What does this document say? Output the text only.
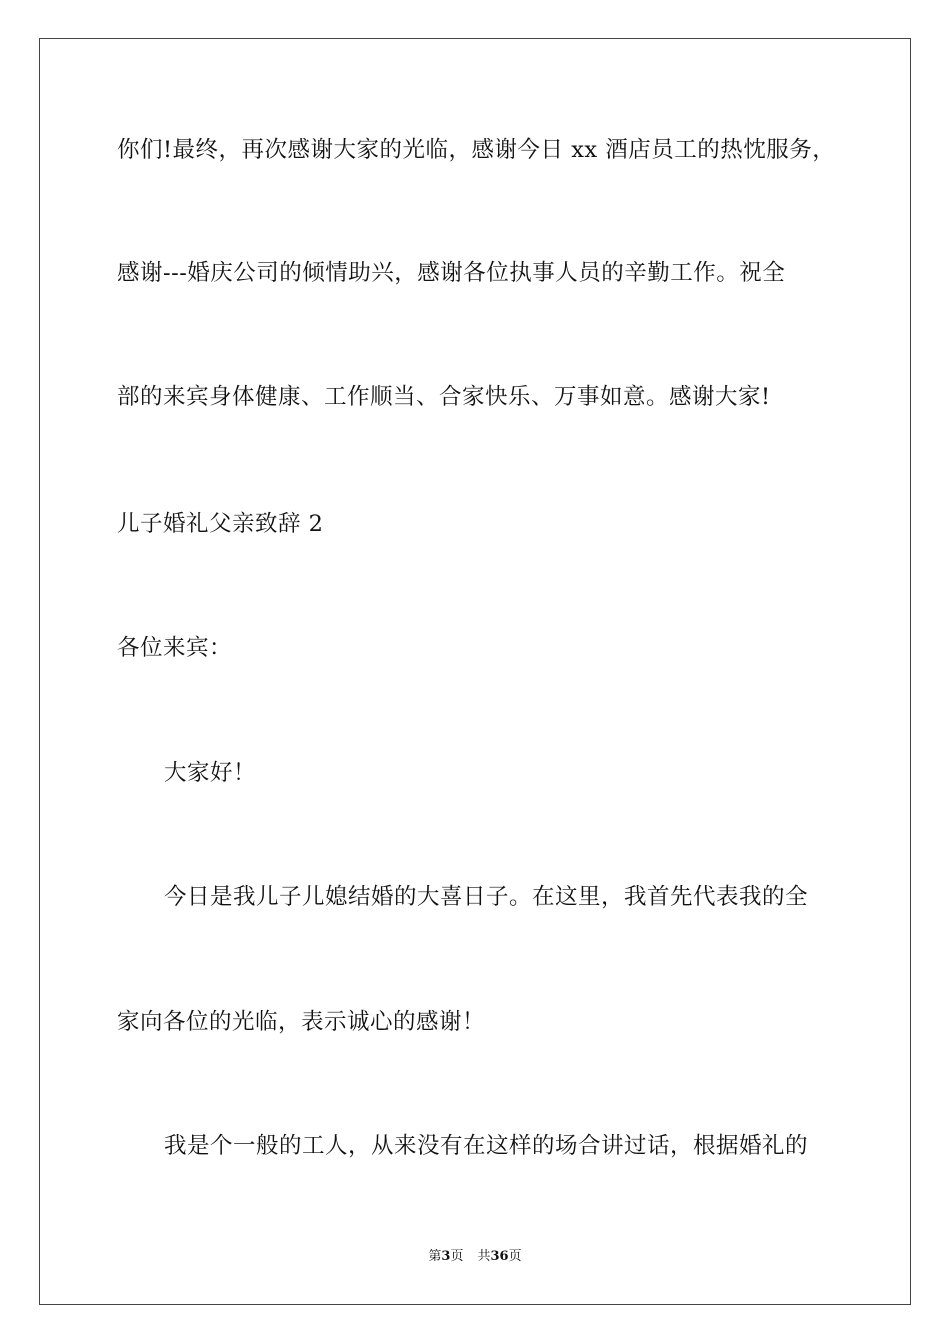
你们!最终，再次感谢大家的光临，感谢今日 xx 酒店员工的热忱服务，
感谢---婚庆公司的倾情助兴，感谢各位执事人员的辛勤工作。祝全
部的来宾身体健康、工作顺当、合家快乐、万事如意。感谢大家!
儿子婚礼父亲致辞 2
各位来宾：
大家好！
今日是我儿子儿媳结婚的大喜日子。在这里，我首先代表我的全
家向各位的光临，表示诚心的感谢！
我是个一般的工人，从来没有在这样的场合讲过话，根据婚礼的
第3页 共36页
